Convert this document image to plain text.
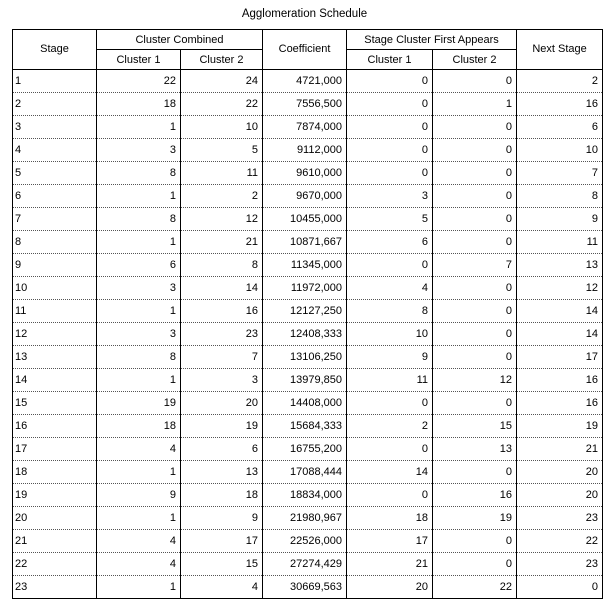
Agglomeration Schedule
Stage	Cluster Combined		Coefficient	Stage Cluster First Appears		Next Stage
	Cluster 1	Cluster 2		Cluster 1	Cluster 2	
1	22	24	4721,000	0	0	2
2	18	22	7556,500	0	1	16
3	1	10	7874,000	0	0	6
4	3	5	9112,000	0	0	10
5	8	11	9610,000	0	0	7
6	1	2	9670,000	3	0	8
7	8	12	10455,000	5	0	9
8	1	21	10871,667	6	0	11
9	6	8	11345,000	0	7	13
10	3	14	11972,000	4	0	12
11	1	16	12127,250	8	0	14
12	3	23	12408,333	10	0	14
13	8	7	13106,250	9	0	17
14	1	3	13979,850	11	12	16
15	19	20	14408,000	0	0	16
16	18	19	15684,333	2	15	19
17	4	6	16755,200	0	13	21
18	1	13	17088,444	14	0	20
19	9	18	18834,000	0	16	20
20	1	9	21980,967	18	19	23
21	4	17	22526,000	17	0	22
22	4	15	27274,429	21	0	23
23	1	4	30669,563	20	22	0
